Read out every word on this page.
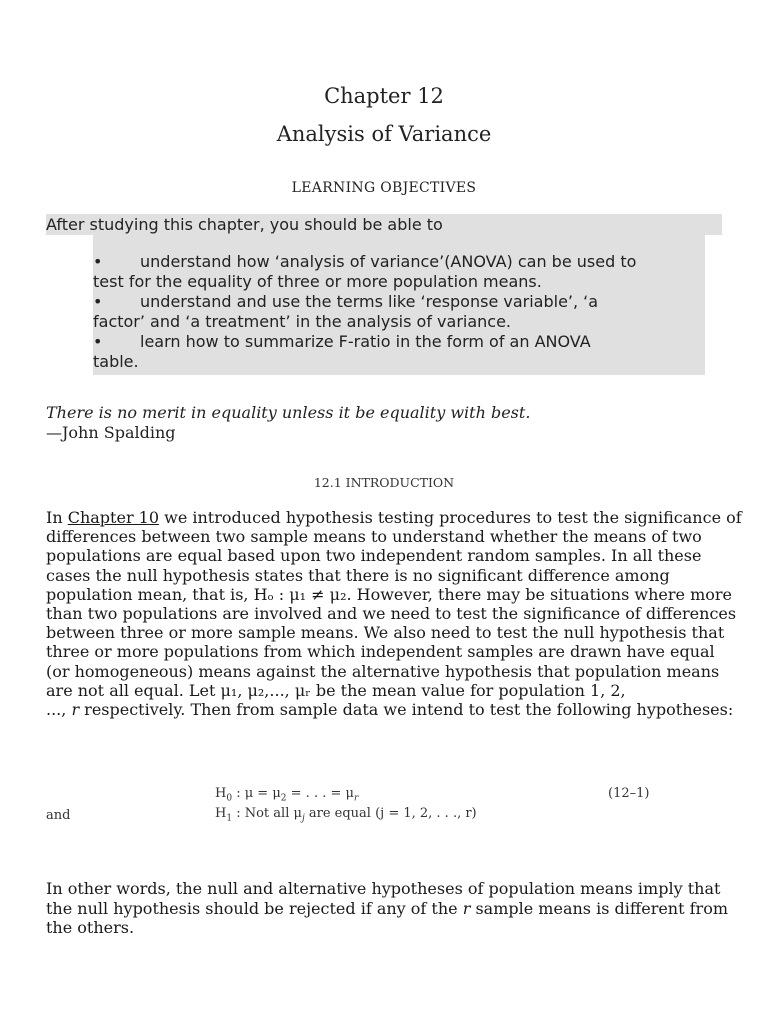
Chapter 12
Analysis of Variance
LEARNING OBJECTIVES
After studying this chapter, you should be able to
• understand how ‘analysis of variance’(ANOVA) can be used to
test for the equality of three or more population means.
• understand and use the terms like ‘response variable’, ‘a
factor’ and ‘a treatment’ in the analysis of variance.
• learn how to summarize F-ratio in the form of an ANOVA
table.
There is no merit in equality unless it be equality with best.
—John Spalding
12.1 INTRODUCTION
In Chapter 10 we introduced hypothesis testing procedures to test the significance of
differences between two sample means to understand whether the means of two
populations are equal based upon two independent random samples. In all these
cases the null hypothesis states that there is no significant difference among
population mean, that is, Hₒ : μ₁ ≠ μ₂. However, there may be situations where more
than two populations are involved and we need to test the significance of differences
between three or more sample means. We also need to test the null hypothesis that
three or more populations from which independent samples are drawn have equal
(or homogeneous) means against the alternative hypothesis that population means
are not all equal. Let μ₁, μ₂,..., μᵣ be the mean value for population 1, 2,
..., r respectively. Then from sample data we intend to test the following hypotheses:
$H_0$ : $\mu = \mu_2$ = . . . = $\mu_r$	(12–1)
and	$H_1$ : Not all $\mu_j$ are equal (j = 1, 2, . . ., r)
In other words, the null and alternative hypotheses of population means imply that
the null hypothesis should be rejected if any of the r sample means is different from
the others.
